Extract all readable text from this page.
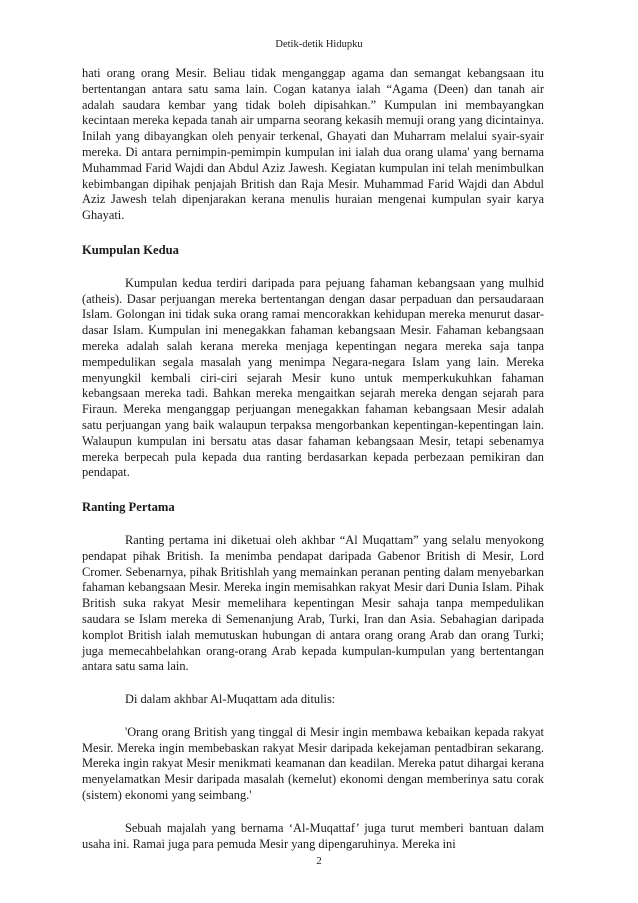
Detik-detik Hidupku

hati orang orang Mesir. Beliau tidak menganggap agama dan semangat kebangsaan itu bertentangan antara satu sama lain. Cogan katanya ialah “Agama (Deen) dan tanah air adalah saudara kembar yang tidak boleh dipisahkan.” Kumpulan ini membayangkan kecintaan mereka kepada tanah air umparna seorang kekasih memuji orang yang dicintainya. Inilah yang dibayangkan oleh penyair terkenal, Ghayati dan Muharram melalui syair-syair mereka. Di antara pernimpin-pemimpin kumpulan ini ialah dua orang ulama' yang bernama Muhammad Farid Wajdi dan Abdul Aziz Jawesh. Kegiatan kumpulan ini telah menimbulkan kebimbangan dipihak penjajah British dan Raja Mesir. Muhammad Farid Wajdi dan Abdul Aziz Jawesh telah dipenjarakan kerana menulis huraian mengenai kumpulan syair karya Ghayati.

Kumpulan Kedua

Kumpulan kedua terdiri daripada para pejuang fahaman kebangsaan yang mulhid (atheis). Dasar perjuangan mereka bertentangan dengan dasar perpaduan dan persaudaraan Islam. Golongan ini tidak suka orang ramai mencorakkan kehidupan mereka menurut dasar-dasar Islam. Kumpulan ini menegakkan fahaman kebangsaan Mesir. Fahaman kebangsaan mereka adalah salah kerana mereka menjaga kepentingan negara mereka saja tanpa mempedulikan segala masalah yang menimpa Negara-negara Islam yang lain. Mereka menyungkil kembali ciri-ciri sejarah Mesir kuno untuk memperkukuhkan fahaman kebangsaan mereka tadi. Bahkan mereka mengaitkan sejarah mereka dengan sejarah para Firaun. Mereka menganggap perjuangan menegakkan fahaman kebangsaan Mesir adalah satu perjuangan yang baik walaupun terpaksa mengorbankan kepentingan-kepentingan lain. Walaupun kumpulan ini bersatu atas dasar fahaman kebangsaan Mesir, tetapi sebenamya mereka berpecah pula kepada dua ranting berdasarkan kepada perbezaan pemikiran dan pendapat.

Ranting Pertama

Ranting pertama ini diketuai oleh akhbar “Al Muqattam” yang selalu menyokong pendapat pihak British. Ia menimba pendapat daripada Gabenor British di Mesir, Lord Cromer. Sebenarnya, pihak Britishlah yang memainkan peranan penting dalam menyebarkan fahaman kebangsaan Mesir. Mereka ingin memisahkan rakyat Mesir dari Dunia Islam. Pihak British suka rakyat Mesir memelihara kepentingan Mesir sahaja tanpa mempedulikan saudara se Islam mereka di Semenanjung Arab, Turki, Iran dan Asia. Sebahagian daripada komplot British ialah memutuskan hubungan di antara orang orang Arab dan orang Turki; juga memecahbelahkan orang-orang Arab kepada kumpulan-kumpulan yang bertentangan antara satu sama lain.

Di dalam akhbar Al-Muqattam ada ditulis:

'Orang orang British yang tinggal di Mesir ingin membawa kebaikan kepada rakyat Mesir. Mereka ingin membebaskan rakyat Mesir daripada kekejaman pentadbiran sekarang. Mereka ingin rakyat Mesir menikmati keamanan dan keadilan. Mereka patut dihargai kerana menyelamatkan Mesir daripada masalah (kemelut) ekonomi dengan memberinya satu corak (sistem) ekonomi yang seimbang.'

Sebuah majalah yang bernama ‘Al-Muqattaf’ juga turut memberi bantuan dalam usaha ini. Ramai juga para pemuda Mesir yang dipengaruhinya. Mereka ini

2
